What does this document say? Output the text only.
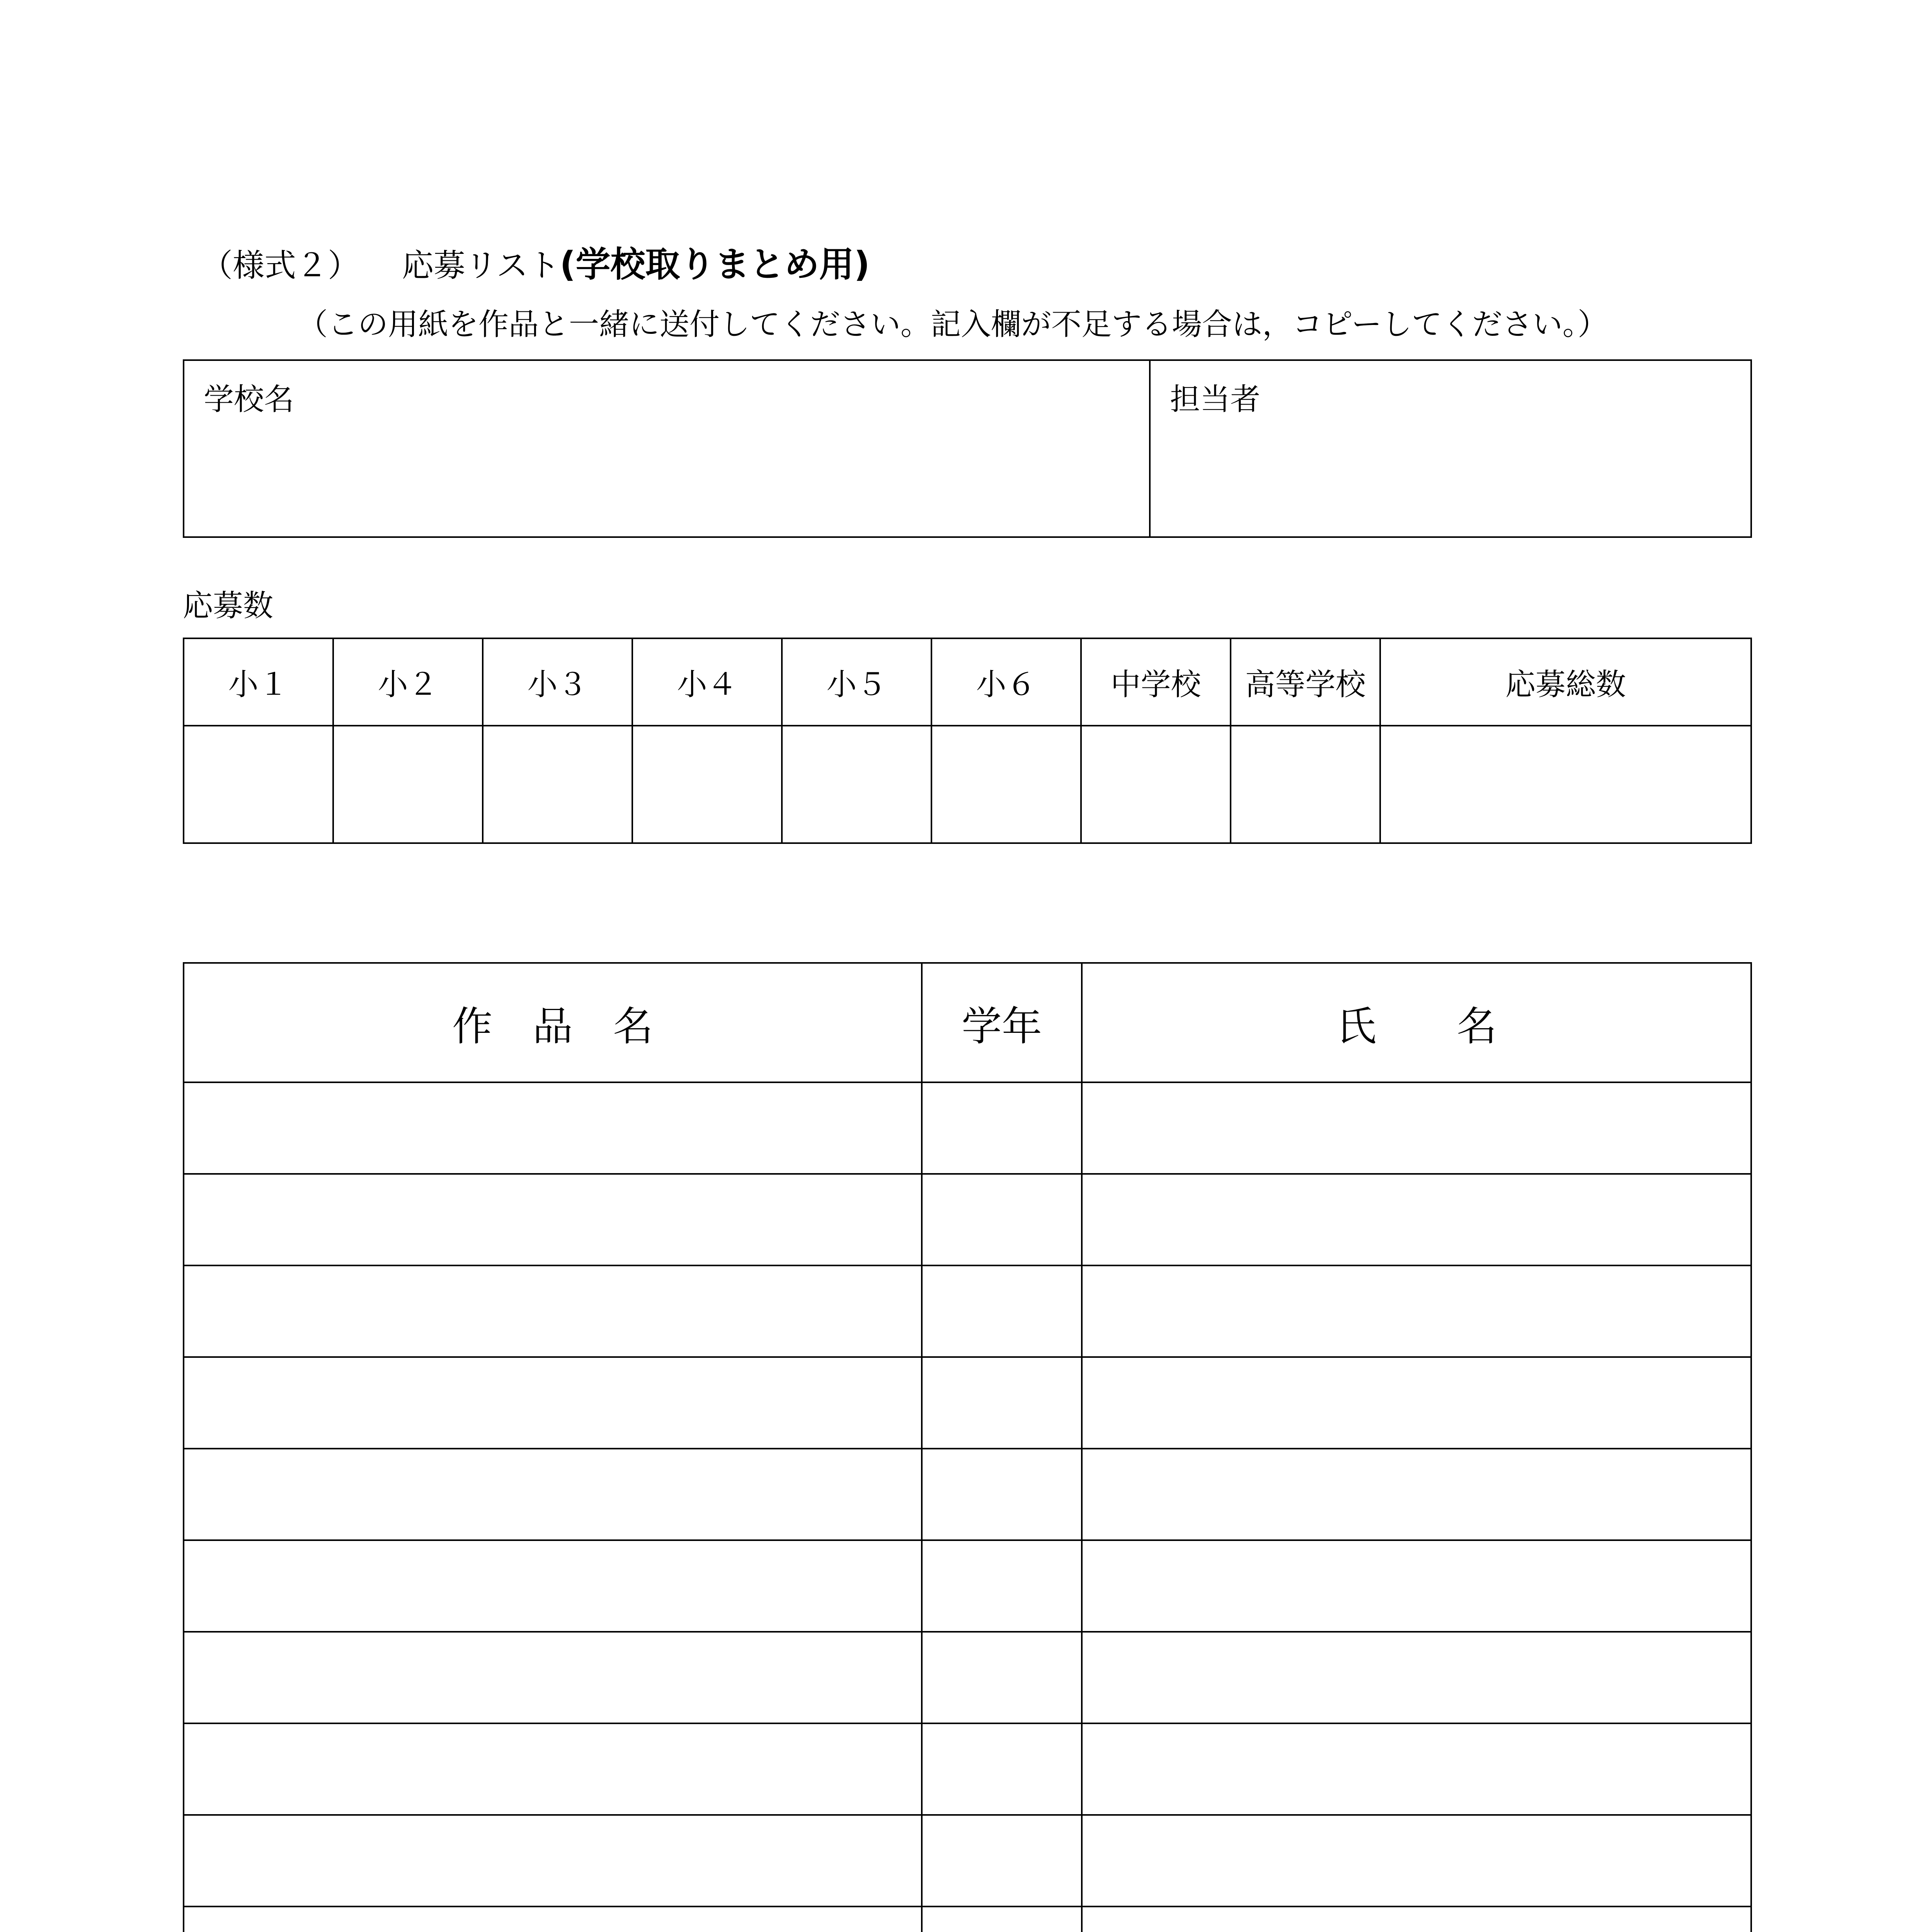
（様式２） 応募リスト(学校取りまとめ用)
（この用紙を作品と一緒に送付してください。記入欄が不足する場合は，コピーしてください。）
学校名	担当者
応募数
小１	小２	小３	小４	小５	小６	中学校	高等学校	応募総数

作　品　名	学年	氏　　名
